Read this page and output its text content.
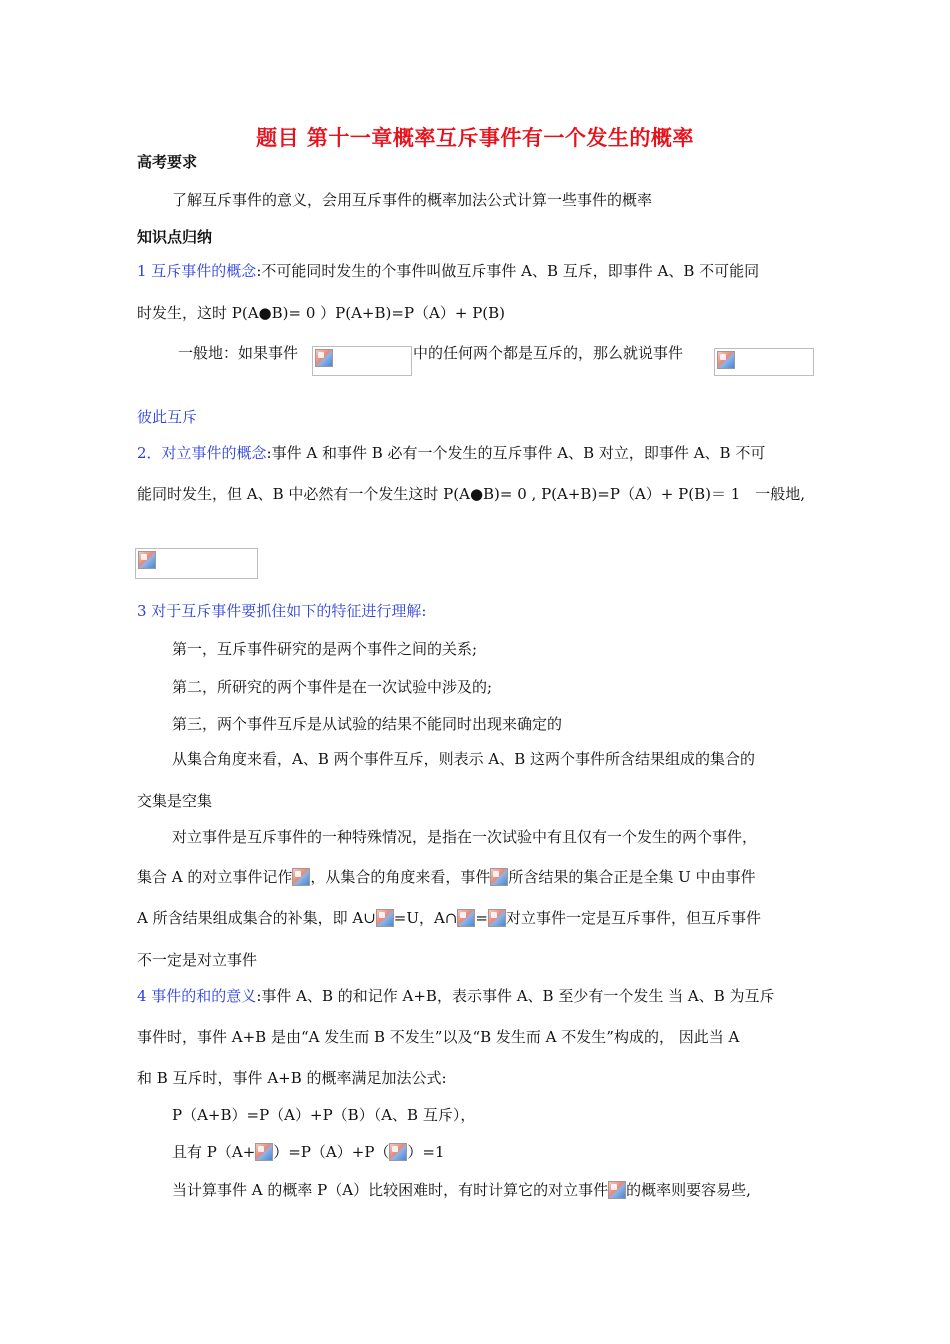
题目 第十一章概率互斥事件有一个发生的概率
高考要求
了解互斥事件的意义，会用互斥事件的概率加法公式计算一些事件的概率
知识点归纳
1 互斥事件的概念:不可能同时发生的个事件叫做互斥事件 A、B 互斥，即事件 A、B 不可能同
时发生，这时 P(A●B)= 0 ）P(A+B)=P（A）+ P(B)
一般地：如果事件	中的任何两个都是互斥的，那么就说事件
彼此互斥
2．对立事件的概念:事件 A 和事件 B 必有一个发生的互斥事件 A、B 对立，即事件 A、B 不可
能同时发生，但 A、B 中必然有一个发生这时 P(A●B)= 0 , P(A+B)=P（A）+ P(B)＝ 1　一般地,
3 对于互斥事件要抓住如下的特征进行理解:
第一，互斥事件研究的是两个事件之间的关系;
第二，所研究的两个事件是在一次试验中涉及的;
第三，两个事件互斥是从试验的结果不能同时出现来确定的
从集合角度来看，A、B 两个事件互斥，则表示 A、B 这两个事件所含结果组成的集合的
交集是空集
对立事件是互斥事件的一种特殊情况，是指在一次试验中有且仅有一个发生的两个事件，
集合 A 的对立事件记作 ，从集合的角度来看，事件 所含结果的集合正是全集 U 中由事件
A 所含结果组成集合的补集，即 A∪ =U，A∩ = 对立事件一定是互斥事件，但互斥事件
不一定是对立事件
4 事件的和的意义:事件 A、B 的和记作 A+B，表示事件 A、B 至少有一个发生 当 A、B 为互斥
事件时，事件 A+B 是由“A 发生而 B 不发生”以及“B 发生而 A 不发生”构成的， 因此当 A
和 B 互斥时，事件 A+B 的概率满足加法公式:
P（A+B）=P（A）+P（B）（A、B 互斥），
且有 P（A+ ）=P（A）+P（ ）=1
当计算事件 A 的概率 P（A）比较困难时，有时计算它的对立事件 的概率则要容易些,
